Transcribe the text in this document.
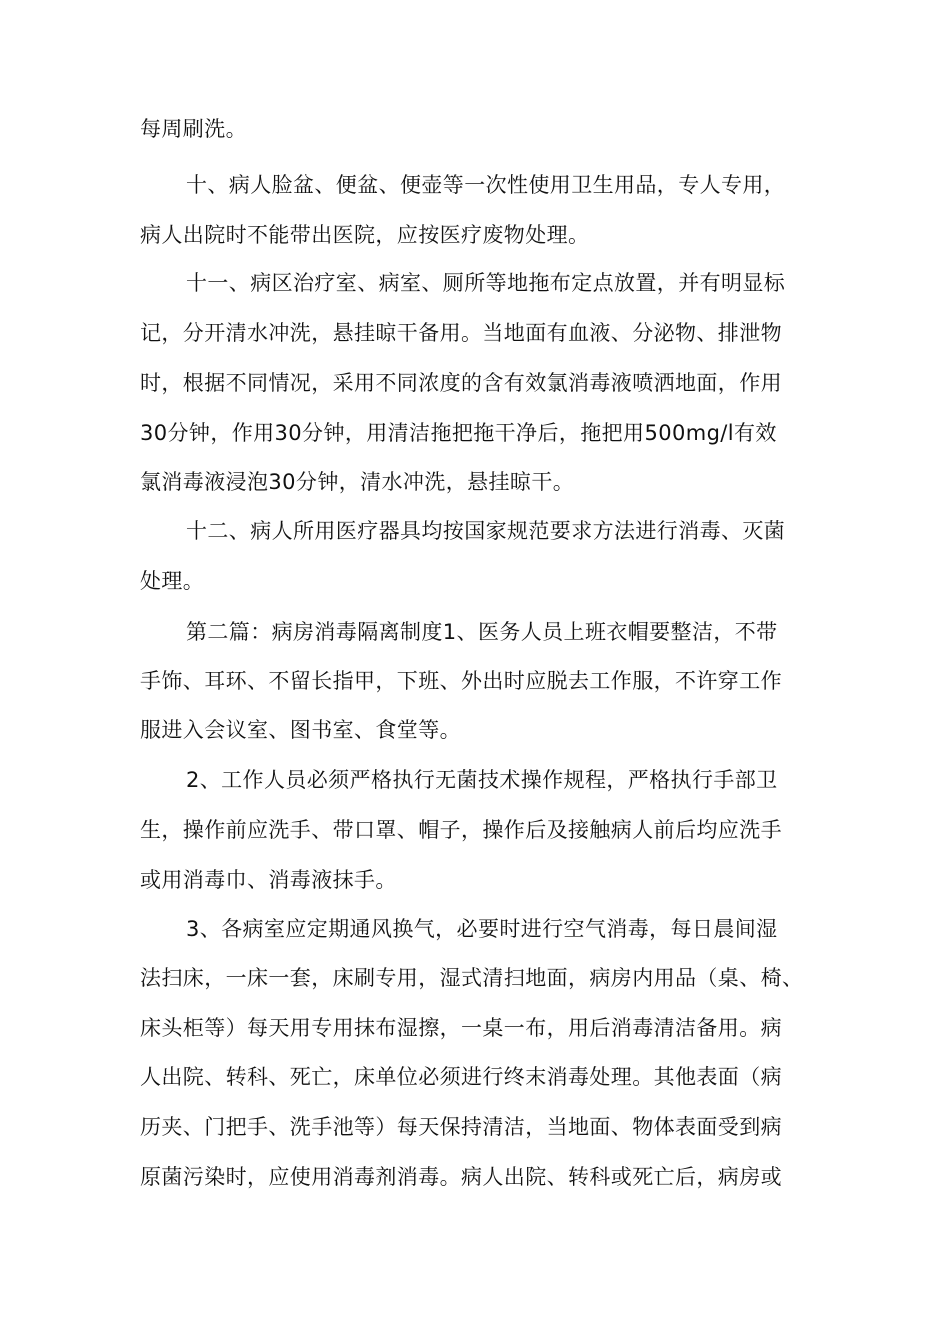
每周刷洗。

十、病人脸盆、便盆、便壶等一次性使用卫生用品，专人专用，

病人出院时不能带出医院，应按医疗废物处理。

十一、病区治疗室、病室、厕所等地拖布定点放置，并有明显标

记，分开清水冲洗，悬挂晾干备用。当地面有血液、分泌物、排泄物

时，根据不同情况，采用不同浓度的含有效氯消毒液喷洒地面，作用

30分钟，作用30分钟，用清洁拖把拖干净后，拖把用500mg/l有效

氯消毒液浸泡30分钟，清水冲洗，悬挂晾干。

十二、病人所用医疗器具均按国家规范要求方法进行消毒、灭菌

处理。

第二篇：病房消毒隔离制度1、医务人员上班衣帽要整洁，不带

手饰、耳环、不留长指甲，下班、外出时应脱去工作服，不许穿工作

服进入会议室、图书室、食堂等。

2、工作人员必须严格执行无菌技术操作规程，严格执行手部卫

生，操作前应洗手、带口罩、帽子，操作后及接触病人前后均应洗手

或用消毒巾、消毒液抹手。

3、各病室应定期通风换气，必要时进行空气消毒，每日晨间湿

法扫床，一床一套，床刷专用，湿式清扫地面，病房内用品（桌、椅、

床头柜等）每天用专用抹布湿擦，一桌一布，用后消毒清洁备用。病

人出院、转科、死亡，床单位必须进行终末消毒处理。其他表面（病

历夹、门把手、洗手池等）每天保持清洁，当地面、物体表面受到病

原菌污染时，应使用消毒剂消毒。病人出院、转科或死亡后，病房或
